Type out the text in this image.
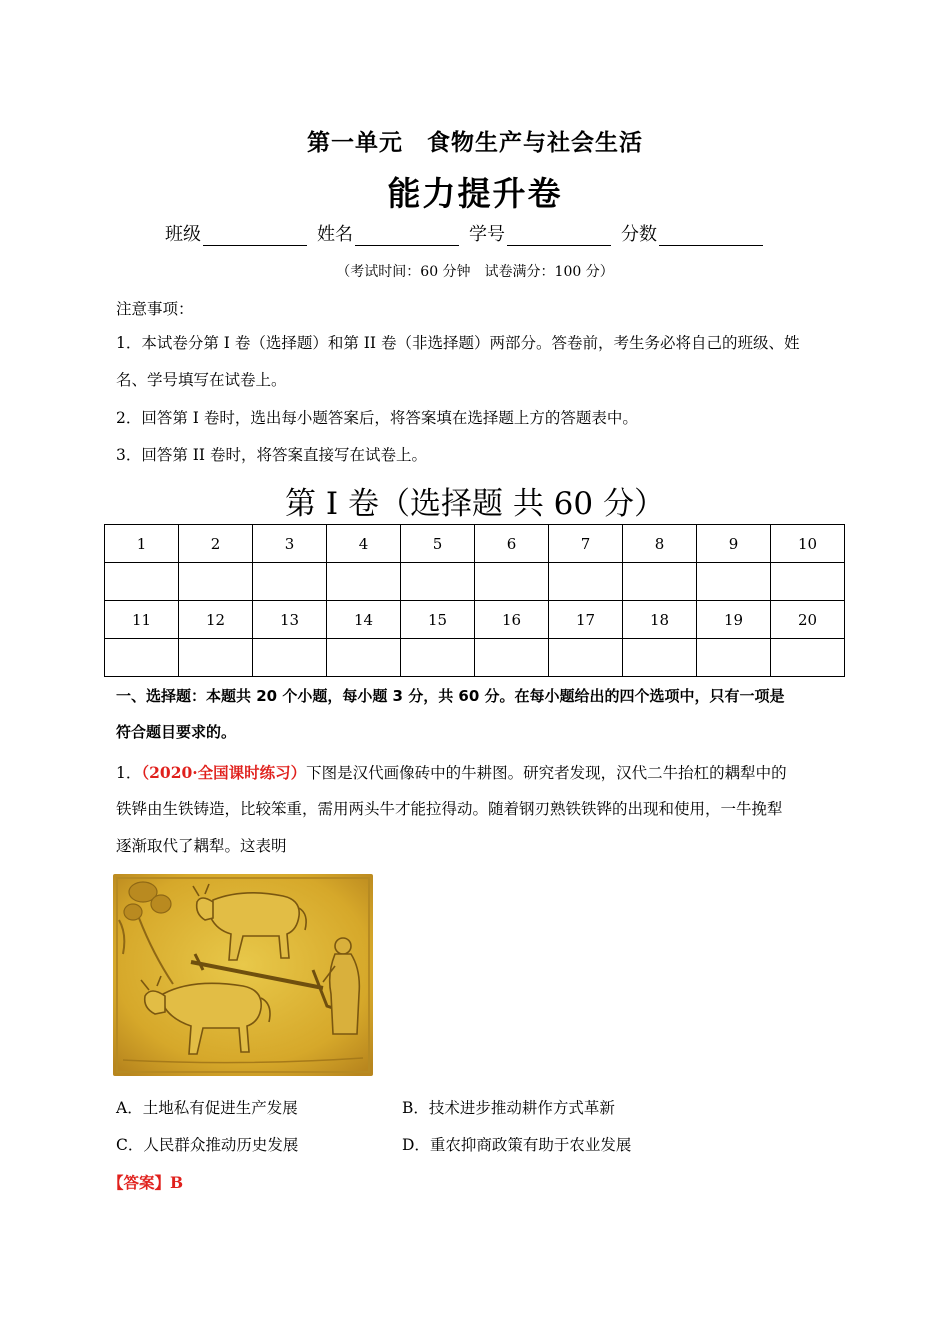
第一单元　食物生产与社会生活
能力提升卷
班级	姓名	学号	分数
（考试时间：60 分钟　试卷满分：100 分）
注意事项：
1．本试卷分第 I 卷（选择题）和第 II 卷（非选择题）两部分。答卷前，考生务必将自己的班级、姓
名、学号填写在试卷上。
2．回答第 I 卷时，选出每小题答案后，将答案填在选择题上方的答题表中。
3．回答第 II 卷时，将答案直接写在试卷上。
第 I 卷（选择题 共 60 分）
1	2	3	4	5	6	7	8	9	10

11	12	13	14	15	16	17	18	19	20

一、选择题：本题共 20 个小题，每小题 3 分，共 60 分。在每小题给出的四个选项中，只有一项是
符合题目要求的。
1．（2020·全国课时练习）下图是汉代画像砖中的牛耕图。研究者发现，汉代二牛抬杠的耦犁中的
铁铧由生铁铸造，比较笨重，需用两头牛才能拉得动。随着钢刃熟铁铁铧的出现和使用，一牛挽犁
逐渐取代了耦犁。这表明
A．土地私有促进生产发展	B．技术进步推动耕作方式革新
C．人民群众推动历史发展	D．重农抑商政策有助于农业发展
【答案】B
